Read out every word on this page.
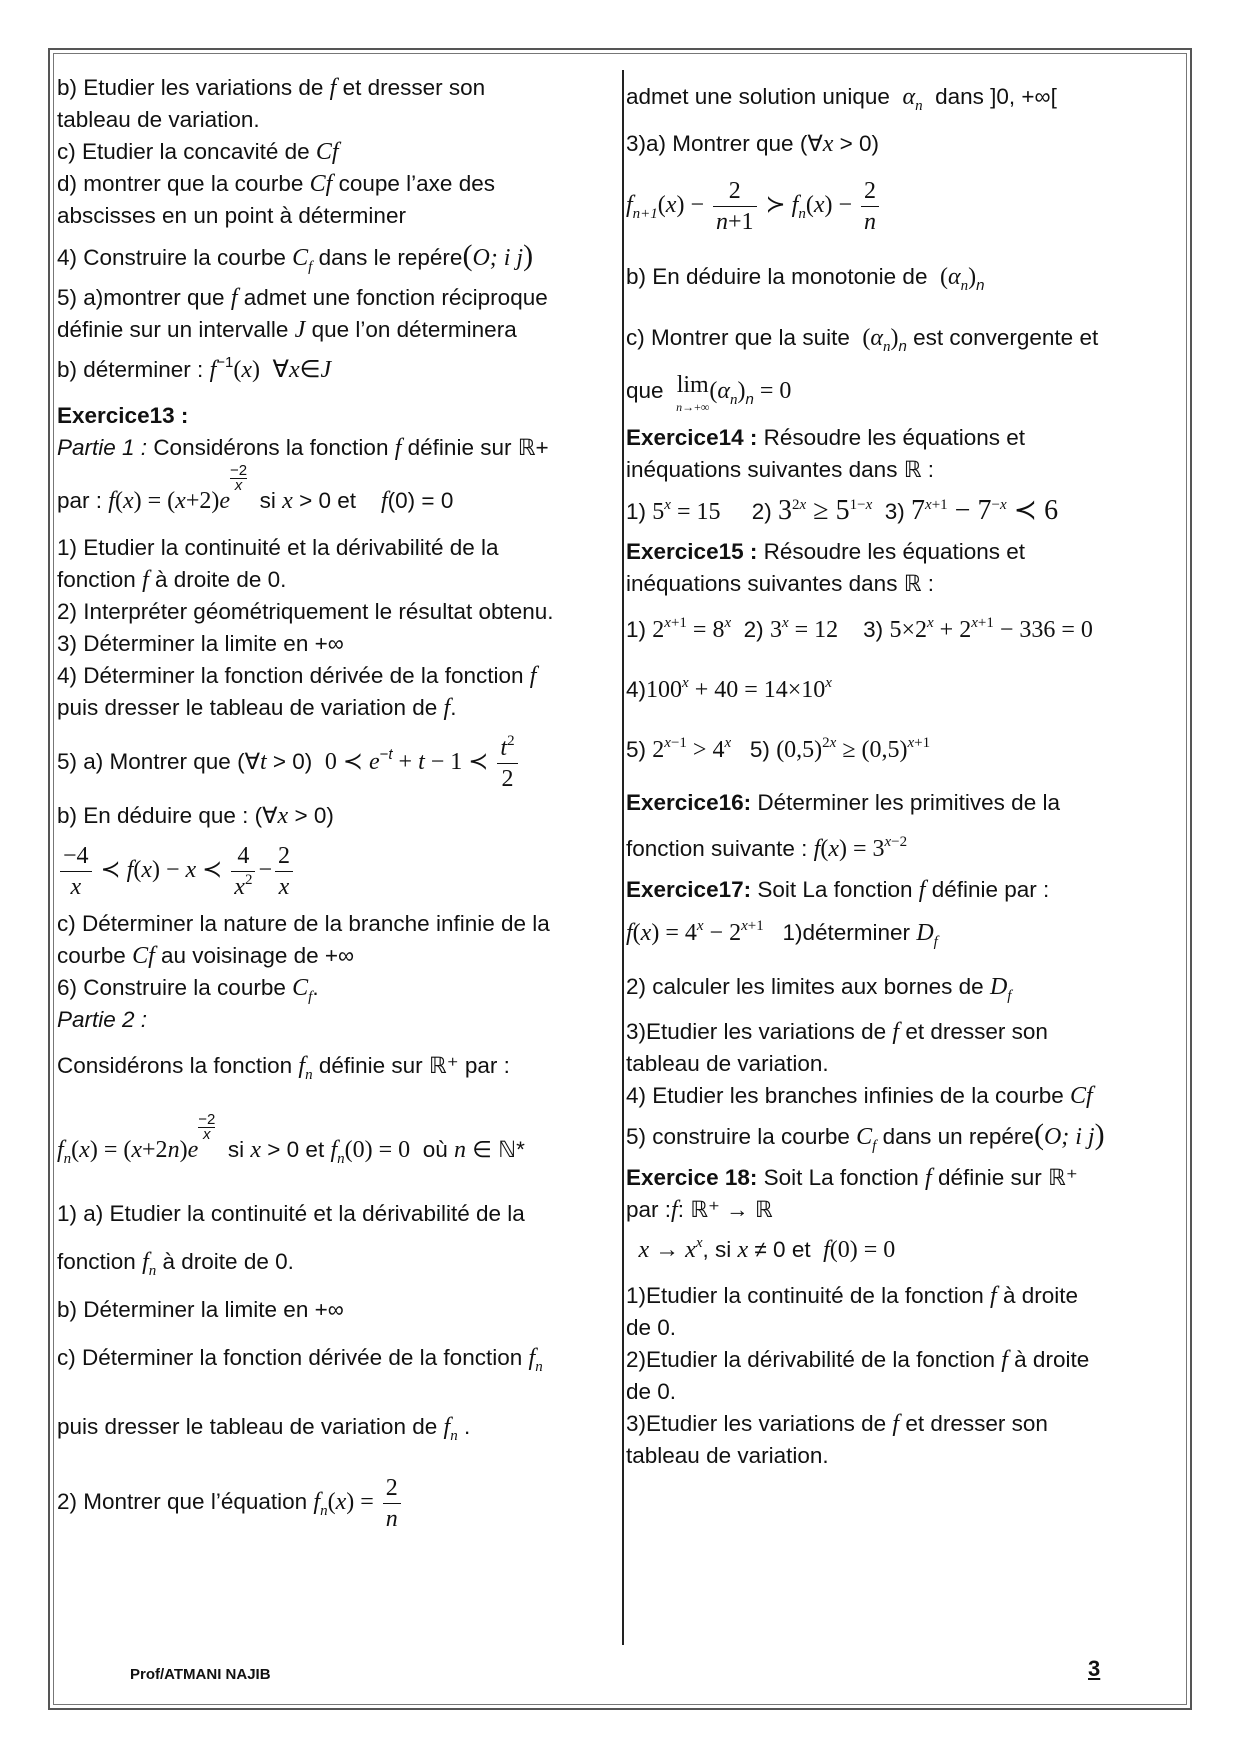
b) Etudier les variations de f et dresser son
tableau de variation.
c) Etudier la concavité de Cf
d) montrer que la courbe Cf coupe l’axe des
abscisses en un point à déterminer
4) Construire la courbe $C_f$ dans le repére(O; i j)
5) a)montrer que f admet une fonction réciproque
définie sur un intervalle J que l’on déterminera
b) déterminer : $f^{-1}(x)$ ∀x∈J
Exercice13 :
Partie 1 : Considérons la fonction f définie sur ℝ+
par : f(x) = (x+2)e
$^{\frac{-2}{x}}$
si x > 0 et f(0) = 0
1) Etudier la continuité et la dérivabilité de la
fonction f à droite de 0.
2) Interpréter géométriquement le résultat obtenu.
3) Déterminer la limite en +∞
4) Déterminer la fonction dérivée de la fonction f
puis dresser le tableau de variation de f.
5) a) Montrer que (∀t > 0) 0 ≺ $e^{-t} + t - 1$ ≺ $\frac{t^2}{2}$
b) En déduire que : (∀x > 0)
$\frac{-4}{x}$ ≺ f(x) − x ≺ $\frac{4}{x^2} - \frac{2}{x}$
c) Déterminer la nature de la branche infinie de la
courbe Cf au voisinage de +∞
6) Construire la courbe $C_f$.
Partie 2 :
Considérons la fonction $f_n$ définie sur ℝ⁺ par :
$f_n(x) = (x+2n)e$
$^{\frac{-2}{x}}$
si x > 0 et $f_n(0) = 0$ où n ∈ ℕ*
1) a) Etudier la continuité et la dérivabilité de la
fonction $f_n$ à droite de 0.
b) Déterminer la limite en +∞
c) Déterminer la fonction dérivée de la fonction $f_n$
puis dresser le tableau de variation de $f_n$ .
2) Montrer que l’équation $f_n(x) = \frac{2}{n}$
admet une solution unique $\alpha_n$ dans ]0, +∞[
3)a) Montrer que (∀x > 0)
$f_{n+1}(x) - \frac{2}{n+1}$ ≻ $f_n(x) - \frac{2}{n}$
b) En déduire la monotonie de $(\alpha_n)_n$
c) Montrer que la suite $(\alpha_n)_n$ est convergente et
que lim
n→+∞
$(\alpha_n)_n = 0$
Exercice14 : Résoudre les équations et
inéquations suivantes dans ℝ :
1) $5^x = 15$ 2) $3^{2x} \ge 5^{1-x}$ 3) $7^{x+1} - 7^{-x}$ ≺ 6
Exercice15 : Résoudre les équations et
inéquations suivantes dans ℝ :
1) $2^{x+1} = 8^x$ 2) $3^x = 12$ 3) $5\times 2^x + 2^{x+1} - 336 = 0$
$4)100^x + 40 = 14\times 10^x$
5) $2^{x-1} > 4^x$ 5) $(0,5)^{2x} \ge (0,5)^{x+1}$
Exercice16: Déterminer les primitives de la
fonction suivante : $f(x) = 3^{x-2}$
Exercice17: Soit La fonction f définie par :
$f(x) = 4^x - 2^{x+1}$ 1)déterminer $D_f$
2) calculer les limites aux bornes de $D_f$
3)Etudier les variations de f et dresser son
tableau de variation.
4) Etudier les branches infinies de la courbe Cf
5) construire la courbe $C_f$ dans un repére(O; i j)
Exercice 18: Soit La fonction f définie sur ℝ⁺
par :f: ℝ⁺ → ℝ
$x \to x^x$, si x ≠ 0 et f(0) = 0
1)Etudier la continuité de la fonction f à droite
de 0.
2)Etudier la dérivabilité de la fonction f à droite
de 0.
3)Etudier les variations de f et dresser son
tableau de variation.
Prof/ATMANI NAJIB	3
